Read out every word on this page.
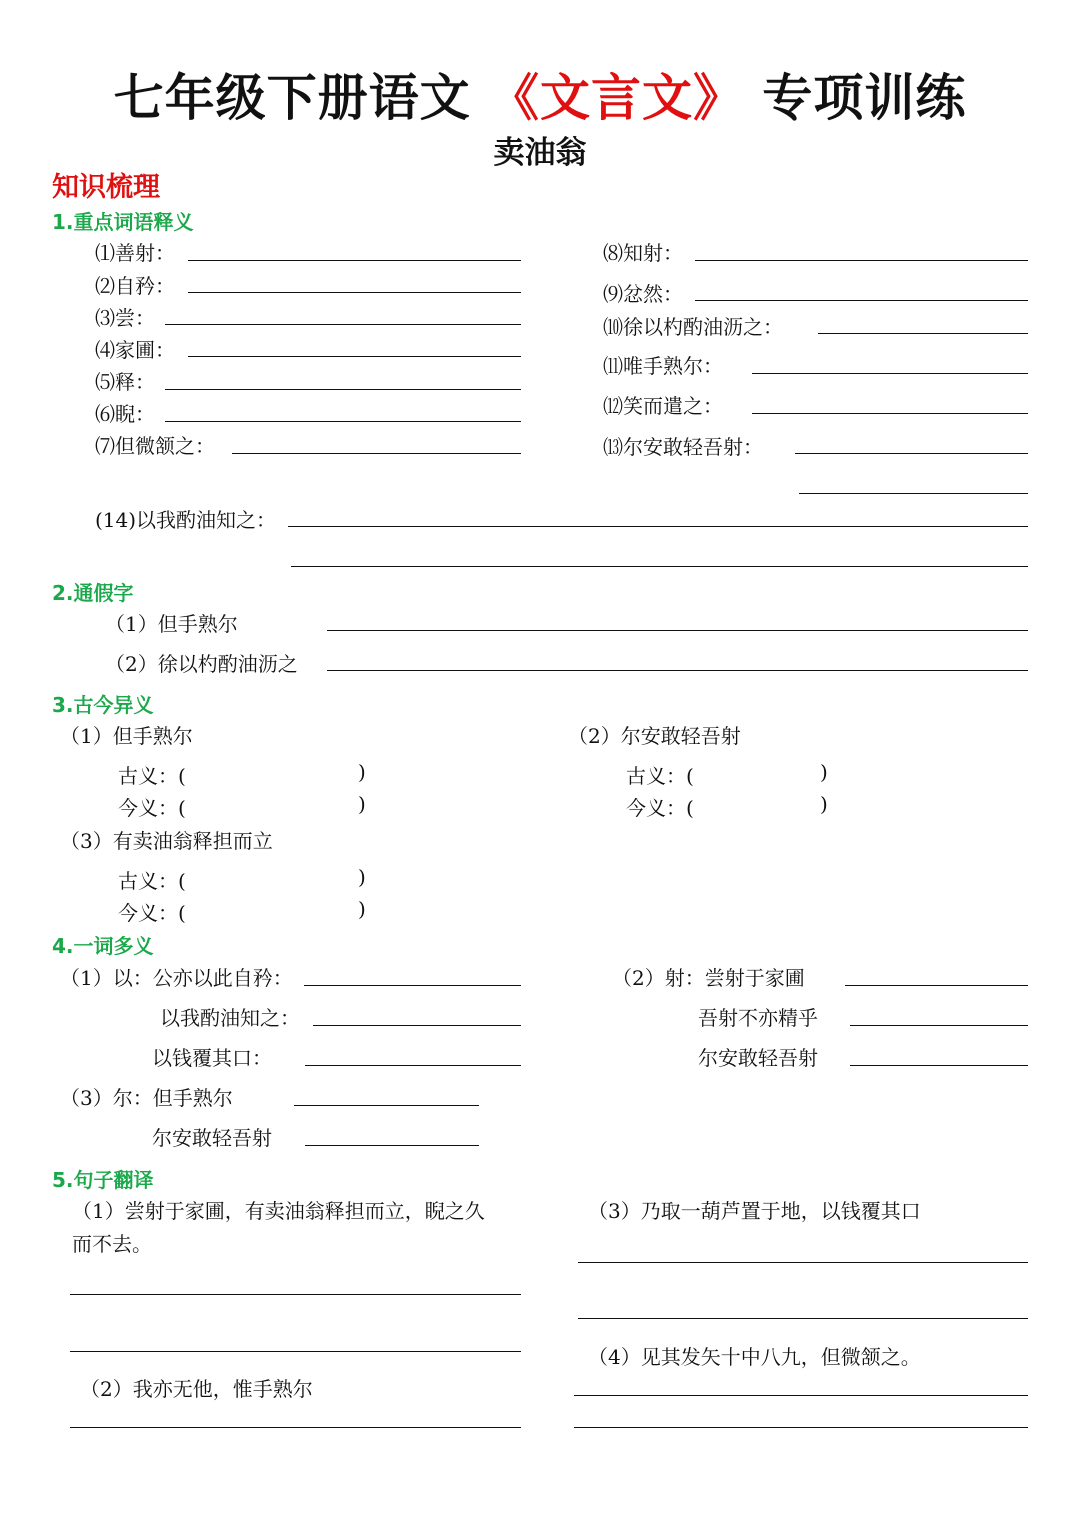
七年级下册语文 《文言文》 专项训练
卖油翁
知识梳理
1.重点词语释义
⑴善射：
⑵自矜：
⑶尝：
⑷家圃：
⑸释：
⑹睨：
⑺但微颔之：
⑻知射：
⑼忿然：
⑽徐以杓酌油沥之：
⑾唯手熟尔：
⑿笑而遣之：
⒀尔安敢轻吾射：
(14)以我酌油知之：
2.通假字
（1）但手熟尔
（2）徐以杓酌油沥之
3.古今异义
（1）但手熟尔
古义：(	)
今义：(	)
（2）尔安敢轻吾射
古义：(	)
今义：(	)
（3）有卖油翁释担而立
古义：(	)
今义：(	)
4.一词多义
（1）以：公亦以此自矜：
以我酌油知之：
以钱覆其口：
（2）射：尝射于家圃
吾射不亦精乎
尔安敢轻吾射
（3）尔：但手熟尔
尔安敢轻吾射
5.句子翻译
（1）尝射于家圃，有卖油翁释担而立，睨之久
而不去。
（2）我亦无他，惟手熟尔
（3）乃取一葫芦置于地，以钱覆其口
（4）见其发矢十中八九，但微颔之。
